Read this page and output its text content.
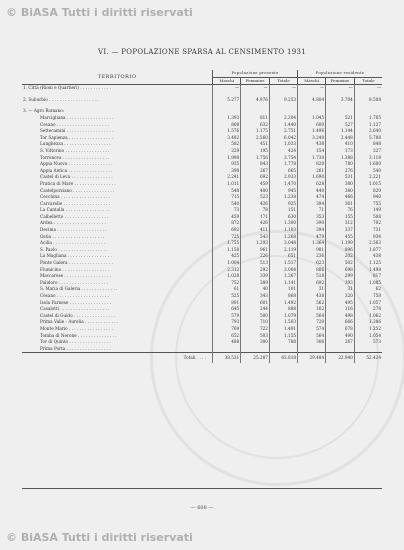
© BiASA Tutti i diritti riservati
VI. — POPOLAZIONE SPARSA AL CENSIMENTO 1931
TERRITORIO	Popolazione presente			Popolazione residente		
	Maschi	Femmine	Totale	Maschi	Femmine	Totale
1. Città (Rioni e Quartieri) . . . . . . . . . . . .	—	—	—	—	—	—

2. Suburbio . . . . . . . . . . . . . . . . . . .	5.277	4.976	9.253	4.804	3.704	8.508

3. — Agro Romano:						
Marcigliana . . . . . . . . . . . . . . . . . .	1.393	811	2.204	1.045	521	1.765
Cesano . . . . . . . . . . . . . . . . . . . .	808	632	1.440	600	527	1.127
Settecamini . . . . . . . . . . . . . . . . . .	1.576	1.175	2.751	1.496	1.144	2.640
Tor Sapienza . . . . . . . . . . . . . . . . .	3.482	2.560	6.042	3.240	2.448	5.788
Lunghezza . . . . . . . . . . . . . . . . . .	582	451	1.033	438	410	848
S. Vittorino . . . . . . . . . . . . . . . . .	229	195	424	154	173	327
Torrenova . . . . . . . . . . . . . . . . . .	1.998	1.756	3.754	1.730	1.388	3.118
Appia Nuova . . . . . . . . . . . . . . . . .	935	843	1.778	820	780	1.600
Appia Antica . . . . . . . . . . . . . . . . .	398	267	665	261	276	540
Castel di Leva . . . . . . . . . . . . . . . .	2.241	692	2.933	1.690	531	2.221
Pratica di Mare . . . . . . . . . . . . . . . .	1.011	459	1.470	628	380	1.015
Castelporziano . . . . . . . . . . . . . . . .	548	400	945	440	380	820
Cecchina . . . . . . . . . . . . . . . . . . .	715	523	1.238	474	466	940
Carcarelle . . . . . . . . . . . . . . . . . .	540	426	925	394	361	755
La Cantalla . . . . . . . . . . . . . . . . .	73	78	151	71	76	149
Calbelletto . . . . . . . . . . . . . . . . .	459	171	630	353	155	508
Ardea . . . . . . . . . . . . . . . . . . . .	872	426	1.300	390	312	702
Decima . . . . . . . . . . . . . . . . . . .	692	411	1.103	394	337	731
Ostia . . . . . . . . . . . . . . . . . . . .	725	543	1.268	479	455	934
Acilia . . . . . . . . . . . . . . . . . . . .	1.755	1.293	3.048	1.364	1.199	2.563
S. Paolo . . . . . . . . . . . . . . . . . . .	1.158	961	2.119	981	896	1.877
La Magliana . . . . . . . . . . . . . . . . .	425	226	651	236	202	438
Ponte Galera . . . . . . . . . . . . . . . . .	1.004	513	1.517	623	502	1.125
Fiumicino . . . . . . . . . . . . . . . . . .	2.312	292	3.004	806	698	1.498
Maccarese . . . . . . . . . . . . . . . . . .	1.028	339	1.367	518	299	817
Palidoro . . . . . . . . . . . . . . . . . . .	752	389	1.141	692	393	1.085
S. Maria di Galeria . . . . . . . . . . . . . .	61	40	101	31	31	62
Cesano . . . . . . . . . . . . . . . . . . . .	525	343	868	438	320	758
Isola Farnese . . . . . . . . . . . . . . . .	891	601	1.492	562	495	1.057
Casalotti . . . . . . . . . . . . . . . . . . .	645	244	888	162	116	278
Castel di Guido . . . . . . . . . . . . . . . .	579	500	1.079	564	498	1.062
Prima Valle - Aurelia . . . . . . . . . . . . .	793	710	1.503	720	666	1.386
Monte Mario . . . . . . . . . . . . . . . . .	769	722	1.491	574	678	1.252
Tomba di Nerone . . . . . . . . . . . . . . .	652	503	1.155	564	490	1.054
Tor di Quinto . . . . . . . . . . . . . . . .	488	300	788	306	267	573
Prima Porta . . . . . . . . . . . . . . . . .						
Totali . . . .	38.531	25.287	63.818	29.484	22.940	52.424
— 608 —
© BiASA Tutti i diritti riservati
